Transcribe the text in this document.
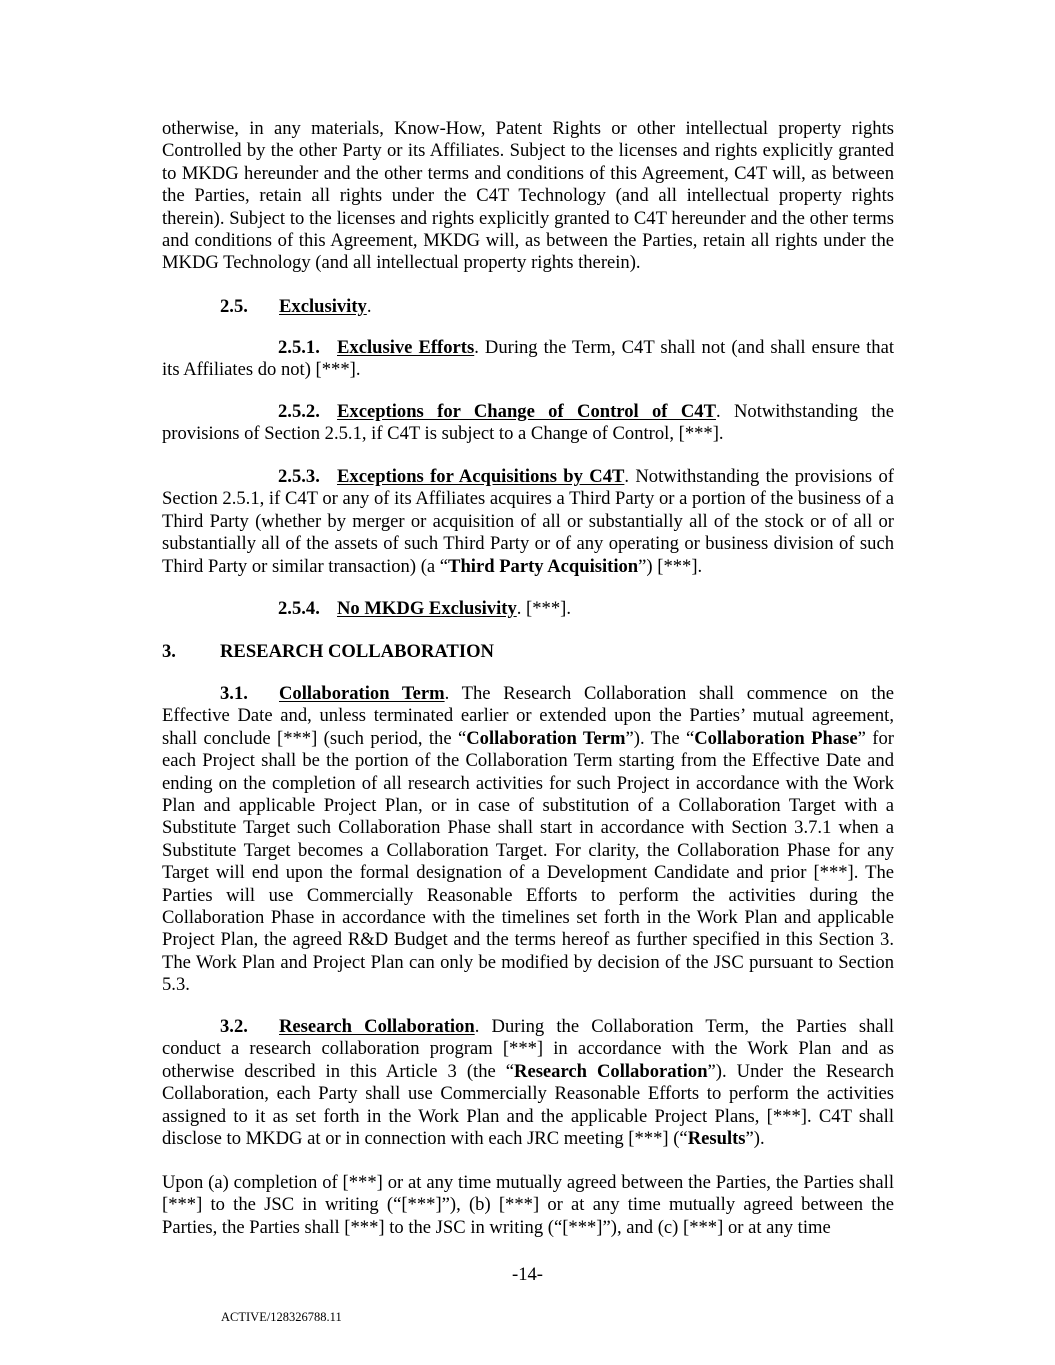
otherwise, in any materials, Know-How, Patent Rights or other intellectual property rights Controlled by the other Party or its Affiliates. Subject to the licenses and rights explicitly granted to MKDG hereunder and the other terms and conditions of this Agreement, C4T will, as between the Parties, retain all rights under the C4T Technology (and all intellectual property rights therein). Subject to the licenses and rights explicitly granted to C4T hereunder and the other terms and conditions of this Agreement, MKDG will, as between the Parties, retain all rights under the MKDG Technology (and all intellectual property rights therein).

2.5. Exclusivity.

2.5.1. Exclusive Efforts. During the Term, C4T shall not (and shall ensure that its Affiliates do not) [***].

2.5.2. Exceptions for Change of Control of C4T. Notwithstanding the provisions of Section 2.5.1, if C4T is subject to a Change of Control, [***].

2.5.3. Exceptions for Acquisitions by C4T. Notwithstanding the provisions of Section 2.5.1, if C4T or any of its Affiliates acquires a Third Party or a portion of the business of a Third Party (whether by merger or acquisition of all or substantially all of the stock or of all or substantially all of the assets of such Third Party or of any operating or business division of such Third Party or similar transaction) (a “Third Party Acquisition”) [***].

2.5.4. No MKDG Exclusivity. [***].

3. RESEARCH COLLABORATION

3.1. Collaboration Term. The Research Collaboration shall commence on the Effective Date and, unless terminated earlier or extended upon the Parties’ mutual agreement, shall conclude [***] (such period, the “Collaboration Term”). The “Collaboration Phase” for each Project shall be the portion of the Collaboration Term starting from the Effective Date and ending on the completion of all research activities for such Project in accordance with the Work Plan and applicable Project Plan, or in case of substitution of a Collaboration Target with a Substitute Target such Collaboration Phase shall start in accordance with Section 3.7.1 when a Substitute Target becomes a Collaboration Target. For clarity, the Collaboration Phase for any Target will end upon the formal designation of a Development Candidate and prior [***]. The Parties will use Commercially Reasonable Efforts to perform the activities during the Collaboration Phase in accordance with the timelines set forth in the Work Plan and applicable Project Plan, the agreed R&D Budget and the terms hereof as further specified in this Section 3. The Work Plan and Project Plan can only be modified by decision of the JSC pursuant to Section 5.3.

3.2. Research Collaboration. During the Collaboration Term, the Parties shall conduct a research collaboration program [***] in accordance with the Work Plan and as otherwise described in this Article 3 (the “Research Collaboration”). Under the Research Collaboration, each Party shall use Commercially Reasonable Efforts to perform the activities assigned to it as set forth in the Work Plan and the applicable Project Plans, [***]. C4T shall disclose to MKDG at or in connection with each JRC meeting [***] (“Results”).

Upon (a) completion of [***] or at any time mutually agreed between the Parties, the Parties shall [***] to the JSC in writing (“[***]”), (b) [***] or at any time mutually agreed between the Parties, the Parties shall [***] to the JSC in writing (“[***]”), and (c) [***] or at any time

-14-
ACTIVE/128326788.11
